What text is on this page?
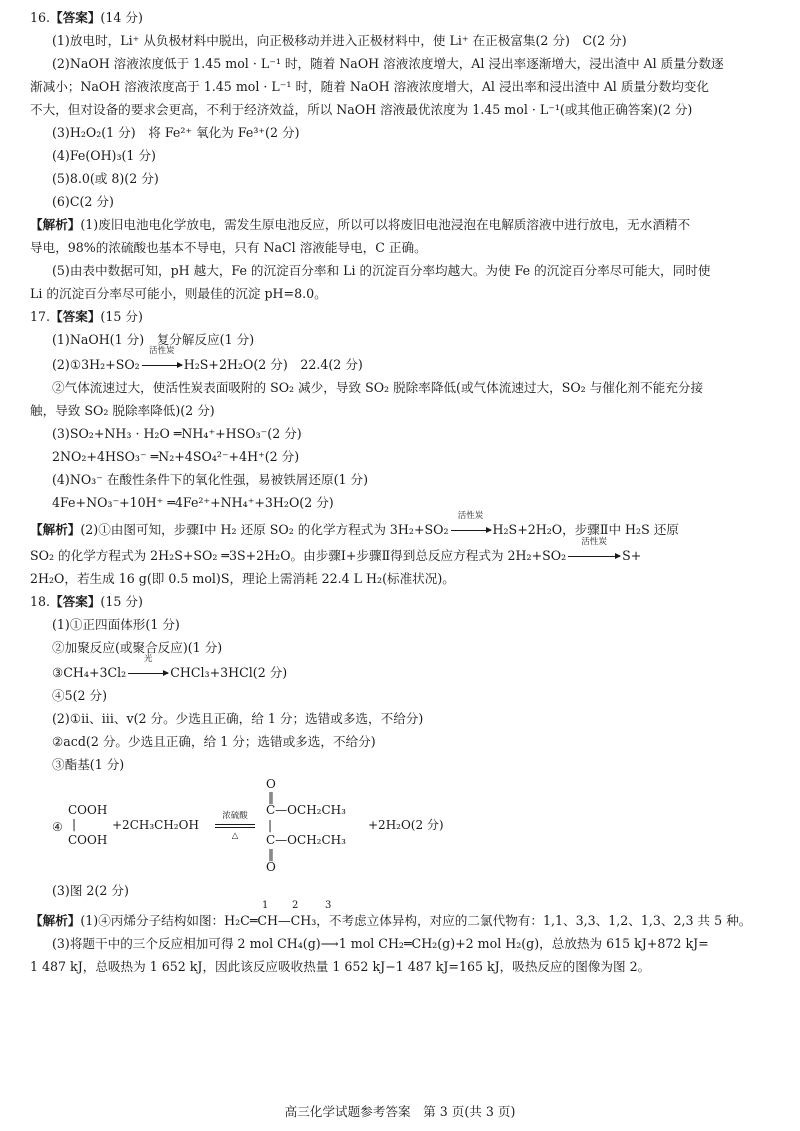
16.【答案】(14 分)
(1)放电时，Li⁺ 从负极材料中脱出，向正极移动并进入正极材料中，使 Li⁺ 在正极富集(2 分)　C(2 分)
(2)NaOH 溶液浓度低于 1.45 mol · L⁻¹ 时，随着 NaOH 溶液浓度增大，Al 浸出率逐渐增大，浸出渣中 Al 质量分数逐
渐减小；NaOH 溶液浓度高于 1.45 mol · L⁻¹ 时，随着 NaOH 溶液浓度增大，Al 浸出率和浸出渣中 Al 质量分数均变化
不大，但对设备的要求会更高，不利于经济效益，所以 NaOH 溶液最优浓度为 1.45 mol · L⁻¹(或其他正确答案)(2 分)
(3)H₂O₂(1 分)　将 Fe²⁺ 氧化为 Fe³⁺(2 分)
(4)Fe(OH)₃(1 分)
(5)8.0(或 8)(2 分)
(6)C(2 分)
【解析】(1)废旧电池电化学放电，需发生原电池反应，所以可以将废旧电池浸泡在电解质溶液中进行放电，无水酒精不
导电，98%的浓硫酸也基本不导电，只有 NaCl 溶液能导电，C 正确。
(5)由表中数据可知，pH 越大，Fe 的沉淀百分率和 Li 的沉淀百分率均越大。为使 Fe 的沉淀百分率尽可能大，同时使
Li 的沉淀百分率尽可能小，则最佳的沉淀 pH=8.0。
17.【答案】(15 分)
(1)NaOH(1 分)　复分解反应(1 分)
(2)①3H₂+SO₂
活性炭
H₂S+2H₂O(2 分)　22.4(2 分)
②气体流速过大，使活性炭表面吸附的 SO₂ 减少，导致 SO₂ 脱除率降低(或气体流速过大，SO₂ 与催化剂不能充分接
触，导致 SO₂ 脱除率降低)(2 分)
(3)SO₂+NH₃ · H₂O ═NH₄⁺+HSO₃⁻(2 分)
2NO₂+4HSO₃⁻ ═N₂+4SO₄²⁻+4H⁺(2 分)
(4)NO₃⁻ 在酸性条件下的氧化性强，易被铁屑还原(1 分)
4Fe+NO₃⁻+10H⁺ ═4Fe²⁺+NH₄⁺+3H₂O(2 分)
【解析】(2)①由图可知，步骤Ⅰ中 H₂ 还原 SO₂ 的化学方程式为 3H₂+SO₂
活性炭
H₂S+2H₂O，步骤Ⅱ中 H₂S 还原
SO₂ 的化学方程式为 2H₂S+SO₂ ═3S+2H₂O。由步骤Ⅰ+步骤Ⅱ得到总反应方程式为 2H₂+SO₂
活性炭
S+
2H₂O，若生成 16 g(即 0.5 mol)S，理论上需消耗 22.4 L H₂(标准状况)。
18.【答案】(15 分)
(1)①正四面体形(1 分)
②加聚反应(或聚合反应)(1 分)
③CH₄+3Cl₂
光
CHCl₃+3HCl(2 分)
④5(2 分)
(2)①ii、iii、v(2 分。少选且正确，给 1 分；选错或多选，不给分)
②acd(2 分。少选且正确，给 1 分；选错或多选，不给分)
③酯基(1 分)
④
COOH
|
COOH
+2CH₃CH₂OH
浓硫酸
△
O
‖
C—OCH₂CH₃
|
C—OCH₂CH₃
‖
O
+2H₂O(2 分)
(3)图 2(2 分)
1 2	3
【解析】(1)④丙烯分子结构如图：H₂C═CH—CH₃，不考虑立体异构，对应的二氯代物有：1,1、3,3、1,2、1,3、2,3 共 5 种。
(3)将题干中的三个反应相加可得 2 mol CH₄(g)⟶1 mol CH₂═CH₂(g)+2 mol H₂(g)，总放热为 615 kJ+872 kJ=
1 487 kJ，总吸热为 1 652 kJ，因此该反应吸收热量 1 652 kJ−1 487 kJ=165 kJ，吸热反应的图像为图 2。
高三化学试题参考答案　第 3 页(共 3 页)
